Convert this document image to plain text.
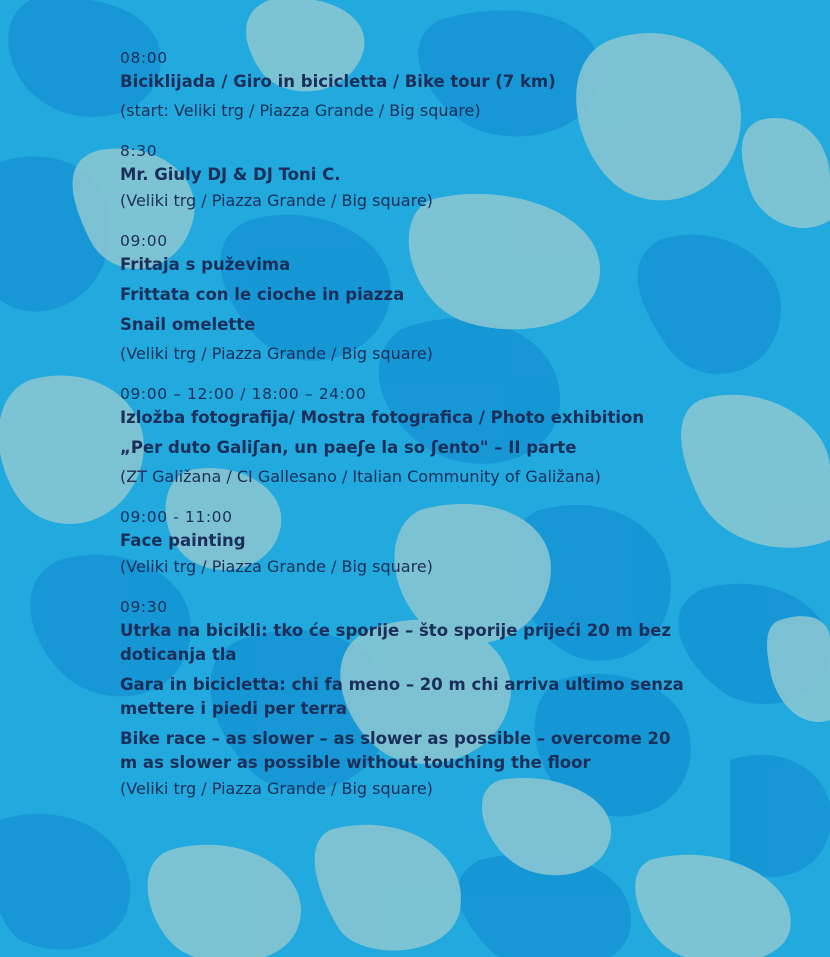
08:00
Biciklijada / Giro in bicicletta / Bike tour (7 km)
(start: Veliki trg / Piazza Grande / Big square)
8:30
Mr. Giuly DJ & DJ Toni C.
(Veliki trg / Piazza Grande / Big square)
09:00
Fritaja s puževima
Frittata con le cioche in piazza
Snail omelette
(Veliki trg / Piazza Grande / Big square)
09:00 – 12:00 / 18:00 – 24:00
Izložba fotografija/ Mostra fotografica / Photo exhibition
„Per duto Galiʃan, un paeʃe la so ʃento" – II parte
(ZT Galižana / CI Gallesano / Italian Community of Galižana)
09:00 - 11:00
Face painting
(Veliki trg / Piazza Grande / Big square)
09:30
Utrka na bicikli: tko će sporije – što sporije prijeći 20 m bez doticanja tla
Gara in bicicletta: chi fa meno – 20 m chi arriva ultimo senza mettere i piedi per terra
Bike race – as slower – as slower as possible – overcome 20 m as slower as possible without touching the floor
(Veliki trg / Piazza Grande / Big square)
